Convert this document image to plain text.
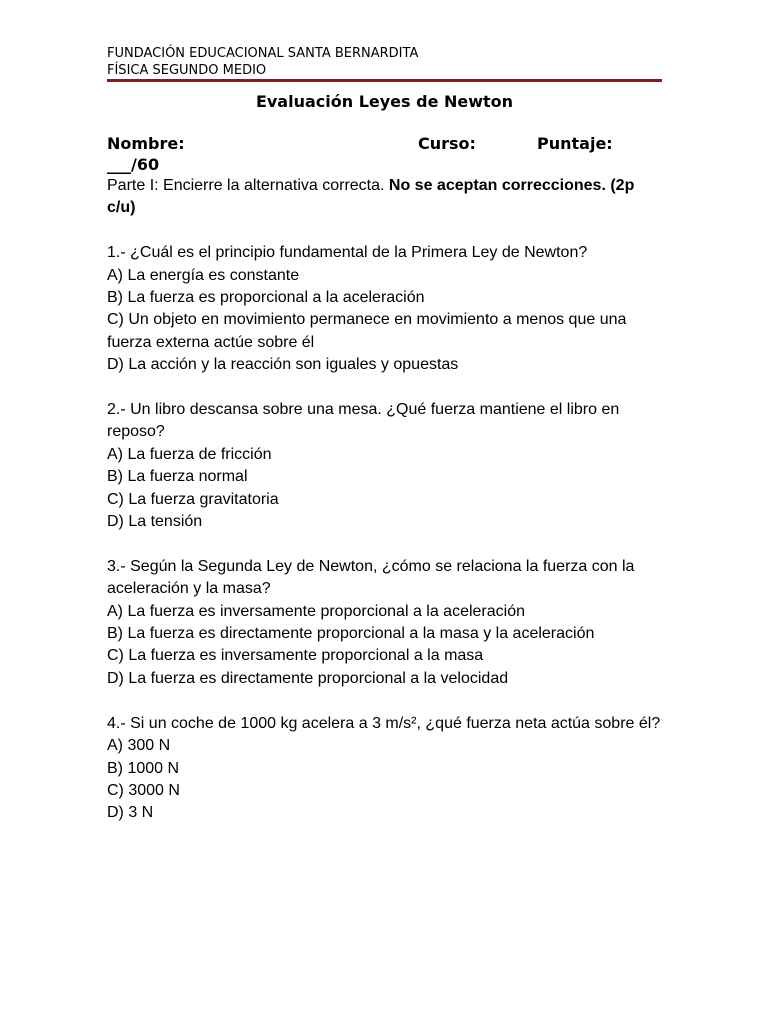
FUNDACIÓN EDUCACIONAL SANTA BERNARDITA
FÍSICA SEGUNDO MEDIO
Evaluación Leyes de Newton
Nombre:	Curso:	Puntaje:
___/60

Parte I: Encierre la alternativa correcta. No se aceptan correcciones. (2p c/u)

1.- ¿Cuál es el principio fundamental de la Primera Ley de Newton?

A) La energía es constante

B) La fuerza es proporcional a la aceleración

C) Un objeto en movimiento permanece en movimiento a menos que una fuerza externa actúe sobre él

D) La acción y la reacción son iguales y opuestas

2.- Un libro descansa sobre una mesa. ¿Qué fuerza mantiene el libro en reposo?

A) La fuerza de fricción

B) La fuerza normal

C) La fuerza gravitatoria

D) La tensión

3.- Según la Segunda Ley de Newton, ¿cómo se relaciona la fuerza con la aceleración y la masa?

A) La fuerza es inversamente proporcional a la aceleración

B) La fuerza es directamente proporcional a la masa y la aceleración

C) La fuerza es inversamente proporcional a la masa

D) La fuerza es directamente proporcional a la velocidad

4.- Si un coche de 1000 kg acelera a 3 m/s², ¿qué fuerza neta actúa sobre él?

A) 300 N

B) 1000 N

C) 3000 N

D) 3 N
